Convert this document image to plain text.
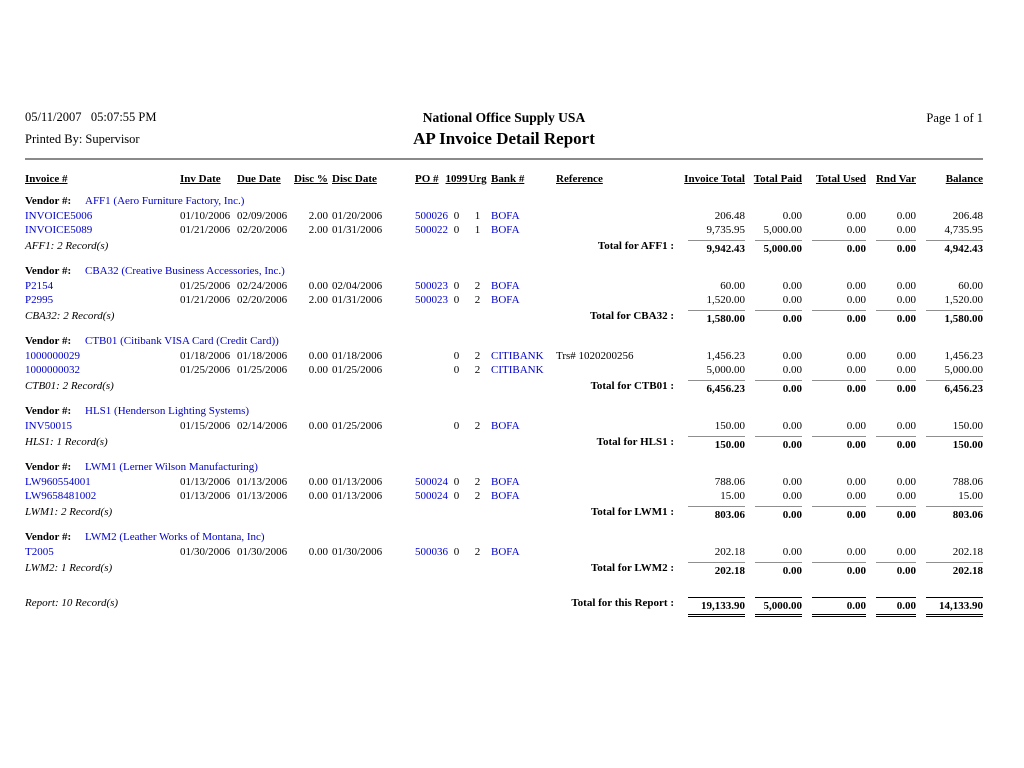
05/11/2007   05:07:55 PM
Printed By: Supervisor
National Office Supply USA
AP Invoice Detail Report
Page 1 of 1
Invoice #	Inv Date	Due Date	Disc % Disc Date	PO # 1099 Urg Bank #	Reference	Invoice Total Total Paid	Total Used Rnd Var	Balance
Vendor #: AFF1 (Aero Furniture Factory, Inc.)
INVOICE5006	01/10/2006 02/09/2006	2.00 01/20/2006	500026 0	1 BOFA	206.48	0.00	0.00	0.00	206.48
INVOICE5089	01/21/2006 02/20/2006	2.00 01/31/2006	500022 0	1 BOFA	9,735.95	5,000.00	0.00	0.00	4,735.95
AFF1: 2 Record(s)	Total for AFF1 :	9,942.43	5,000.00	0.00	0.00	4,942.43
Vendor #: CBA32 (Creative Business Accessories, Inc.)
P2154	01/25/2006 02/24/2006	0.00 02/04/2006	500023 0	2 BOFA	60.00	0.00	0.00	0.00	60.00
P2995	01/21/2006 02/20/2006	2.00 01/31/2006	500023 0	2 BOFA	1,520.00	0.00	0.00	0.00	1,520.00
CBA32: 2 Record(s)	Total for CBA32 :	1,580.00	0.00	0.00	0.00	1,580.00
Vendor #: CTB01 (Citibank VISA Card (Credit Card))
1000000029	01/18/2006 01/18/2006	0.00 01/18/2006	0	2 CITIBANK	Trs# 1020200256	1,456.23	0.00	0.00	0.00	1,456.23
1000000032	01/25/2006 01/25/2006	0.00 01/25/2006	0	2 CITIBANK	5,000.00	0.00	0.00	0.00	5,000.00
CTB01: 2 Record(s)	Total for CTB01 :	6,456.23	0.00	0.00	0.00	6,456.23
Vendor #: HLS1 (Henderson Lighting Systems)
INV50015	01/15/2006 02/14/2006	0.00 01/25/2006	0	2 BOFA	150.00	0.00	0.00	0.00	150.00
HLS1: 1 Record(s)	Total for HLS1 :	150.00	0.00	0.00	0.00	150.00
Vendor #: LWM1 (Lerner Wilson Manufacturing)
LW960554001	01/13/2006 01/13/2006	0.00 01/13/2006	500024 0	2 BOFA	788.06	0.00	0.00	0.00	788.06
LW9658481002	01/13/2006 01/13/2006	0.00 01/13/2006	500024 0	2 BOFA	15.00	0.00	0.00	0.00	15.00
LWM1: 2 Record(s)	Total for LWM1 :	803.06	0.00	0.00	0.00	803.06
Vendor #: LWM2 (Leather Works of Montana, Inc)
T2005	01/30/2006 01/30/2006	0.00 01/30/2006	500036 0	2 BOFA	202.18	0.00	0.00	0.00	202.18
LWM2: 1 Record(s)	Total for LWM2 :	202.18	0.00	0.00	0.00	202.18
Report: 10 Record(s)	Total for this Report :	19,133.90	5,000.00	0.00	0.00	14,133.90
